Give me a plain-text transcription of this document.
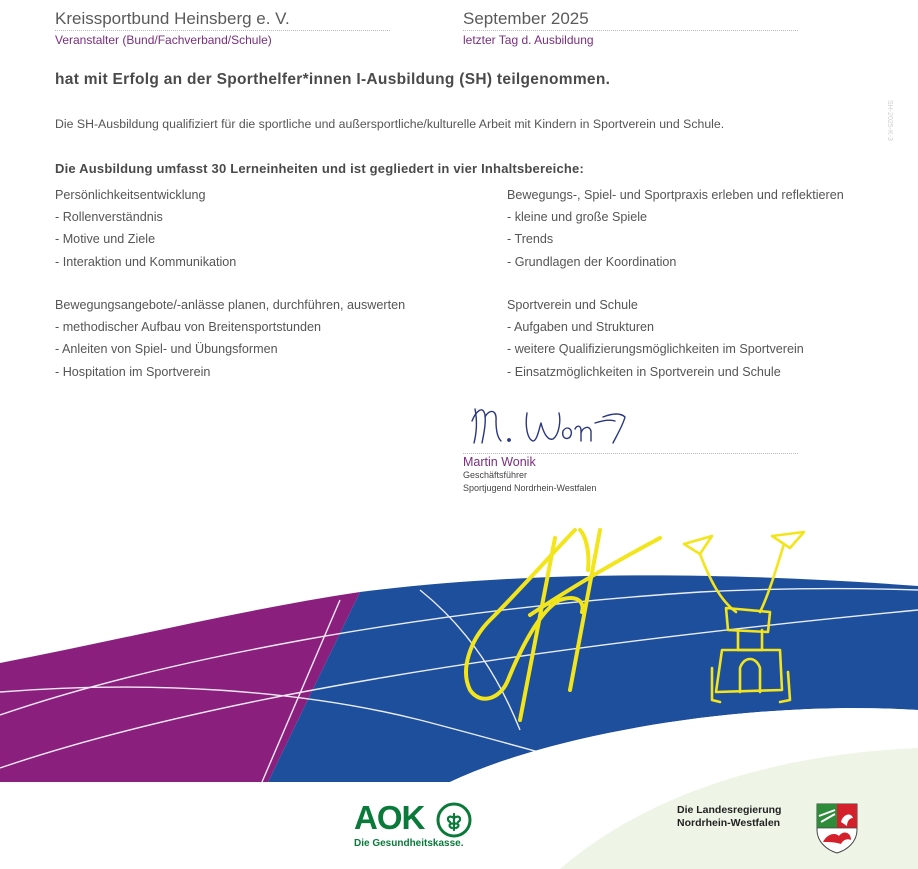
Kreissportbund Heinsberg e. V.
Veranstalter (Bund/Fachverband/Schule)
September 2025
letzter Tag d. Ausbildung
hat mit Erfolg an der Sporthelfer*innen I-Ausbildung (SH) teilgenommen.
Die SH-Ausbildung qualifiziert für die sportliche und außersportliche/kulturelle Arbeit mit Kindern in Sportverein und Schule.
Die Ausbildung umfasst 30 Lerneinheiten und ist gegliedert in vier Inhaltsbereiche:
Persönlichkeitsentwicklung
- Rollenverständnis
- Motive und Ziele
- Interaktion und Kommunikation
Bewegungs-, Spiel- und Sportpraxis erleben und reflektieren
- kleine und große Spiele
- Trends
- Grundlagen der Koordination
Bewegungsangebote/-anlässe planen, durchführen, auswerten
- methodischer Aufbau von Breitensportstunden
- Anleiten von Spiel- und Übungsformen
- Hospitation im Sportverein
Sportverein und Schule
- Aufgaben und Strukturen
- weitere Qualifizierungsmöglichkeiten im Sportverein
- Einsatzmöglichkeiten in Sportverein und Schule
Martin Wonik
Geschäftsführer
Sportjugend Nordrhein-Westfalen
SH-2025-K-3
www.sporthelfer.nrw
AOK
Die Gesundheitskasse.
Die Landesregierung
Nordrhein-Westfalen
